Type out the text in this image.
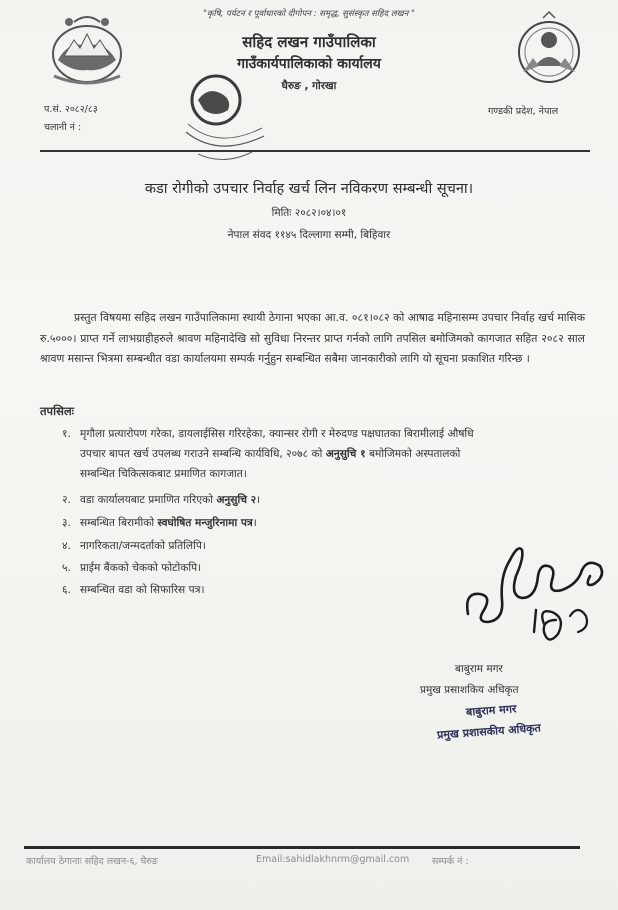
"कृषि, पर्यटन र पूर्वाधारको दीगोपन : समृद्ध, सुसंस्कृत सहिद लखन "
सहिद लखन गाउँपालिका
गाउँकार्यपालिकाको कार्यालय
घैरुङ , गोरखा
प.सं. २०८२/८३
चलानी नं :
गण्डकी प्रदेश, नेपाल
कडा रोगीको उपचार निर्वाह खर्च लिन नविकरण सम्बन्धी सूचना।
मितिः २०८२।०४।०१
नेपाल संवद ११४५ दिल्लागा सम्मी, बिहिवार
प्रस्तुत विषयमा सहिद लखन गाउँपालिकामा स्थायी ठेगाना भएका आ.व. ०८१।०८२ को आषाढ महिनासम्म उपचार निर्वाह खर्च मासिक रु.५०००। प्राप्त गर्ने लाभग्राहीहरुले श्रावण महिनादेखि सो सुविधा निरन्तर प्राप्त गर्नको लागि तपसिल बमोजिमको कागजात सहित २०८२ साल श्रावण मसान्त भित्रमा सम्बन्धीत वडा कार्यालयमा सम्पर्क गर्नुहुन सम्बन्धित सबैमा जानकारीको लागि यो सूचना प्रकाशित गरिन्छ ।
तपसिलः
१. मृगौला प्रत्यारोपण गरेका, डायलाईसिस गरिरहेका, क्यान्सर रोगी र मेरुदण्ड पक्षघातका बिरामीलाई औषधि
उपचार बापत खर्च उपलब्ध गराउने सम्बन्धि कार्यविधि, २०७८ को अनुसुचि १ बमोजिमको अस्पतालको
सम्बन्धित चिकित्सकबाट प्रमाणित कागजात।
२. वडा कार्यालयबाट प्रमाणित गरिएको अनुसुचि २।
३. सम्बन्धित बिरामीको स्वघोषित मन्जुरिनामा पत्र।
४. नागरिकता/जन्मदर्ताको प्रतिलिपि।
५. प्राईम बैंकको चेकको फोटोकपि।
६. सम्बन्धित वडा को सिफारिस पत्र।
बाबुराम मगर
प्रमुख प्रसाशकिय अधिकृत
बाबुराम मगर
प्रमुख प्रशासकीय अधिकृत
कार्यालय ठेगानाः सहिद लखन-६, घैरुङ	Email:sahidlakhnrm@gmail.com सम्पर्क नं :
